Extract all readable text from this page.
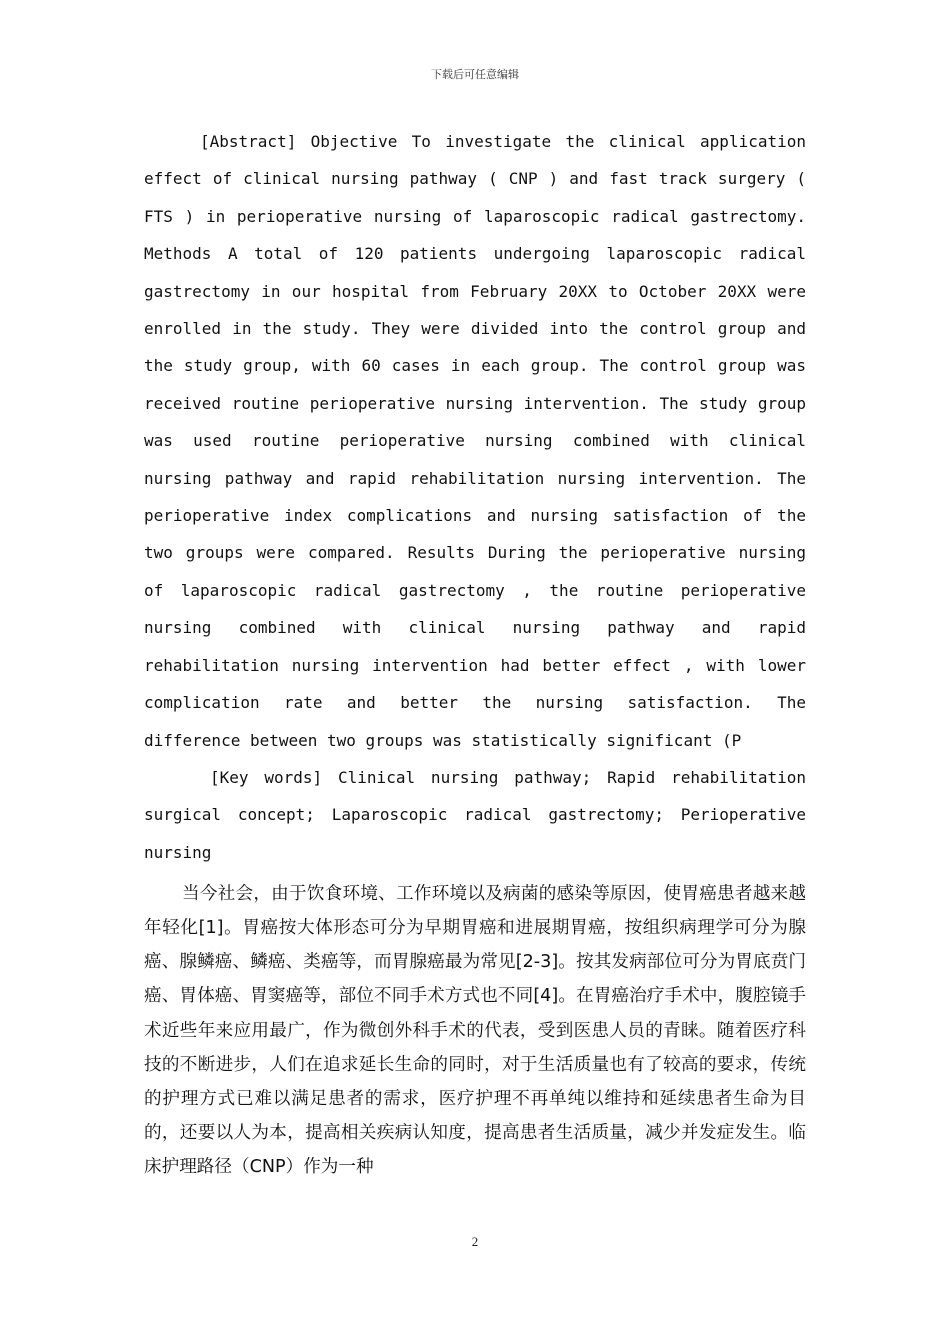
下载后可任意编辑

[Abstract] Objective To investigate the clinical application effect of clinical nursing pathway ( CNP ) and fast track surgery ( FTS ) in perioperative nursing of laparoscopic radical gastrectomy. Methods A total of 120 patients undergoing laparoscopic radical gastrectomy in our hospital from February 20XX to October 20XX were enrolled in the study. They were divided into the control group and the study group, with 60 cases in each group. The control group was received routine perioperative nursing intervention. The study group was used routine perioperative nursing combined with clinical nursing pathway and rapid rehabilitation nursing intervention. The perioperative index complications and nursing satisfaction of the two groups were compared. Results During the perioperative nursing of laparoscopic radical gastrectomy , the routine perioperative nursing combined with clinical nursing pathway and rapid rehabilitation nursing intervention had better effect , with lower complication rate and better the nursing satisfaction. The difference between two groups was statistically significant (P

[Key words] Clinical nursing pathway; Rapid rehabilitation surgical concept; Laparoscopic radical gastrectomy; Perioperative nursing

当今社会，由于饮食环境、工作环境以及病菌的感染等原因，使胃癌患者越来越年轻化[1]。胃癌按大体形态可分为早期胃癌和进展期胃癌，按组织病理学可分为腺癌、腺鳞癌、鳞癌、类癌等，而胃腺癌最为常见[2-3]。按其发病部位可分为胃底贲门癌、胃体癌、胃窦癌等，部位不同手术方式也不同[4]。在胃癌治疗手术中，腹腔镜手术近些年来应用最广，作为微创外科手术的代表，受到医患人员的青睐。随着医疗科技的不断进步，人们在追求延长生命的同时，对于生活质量也有了较高的要求，传统的护理方式已难以满足患者的需求，医疗护理不再单纯以维持和延续患者生命为目的，还要以人为本，提高相关疾病认知度，提高患者生活质量，减少并发症发生。临床护理路径（CNP）作为一种

2
